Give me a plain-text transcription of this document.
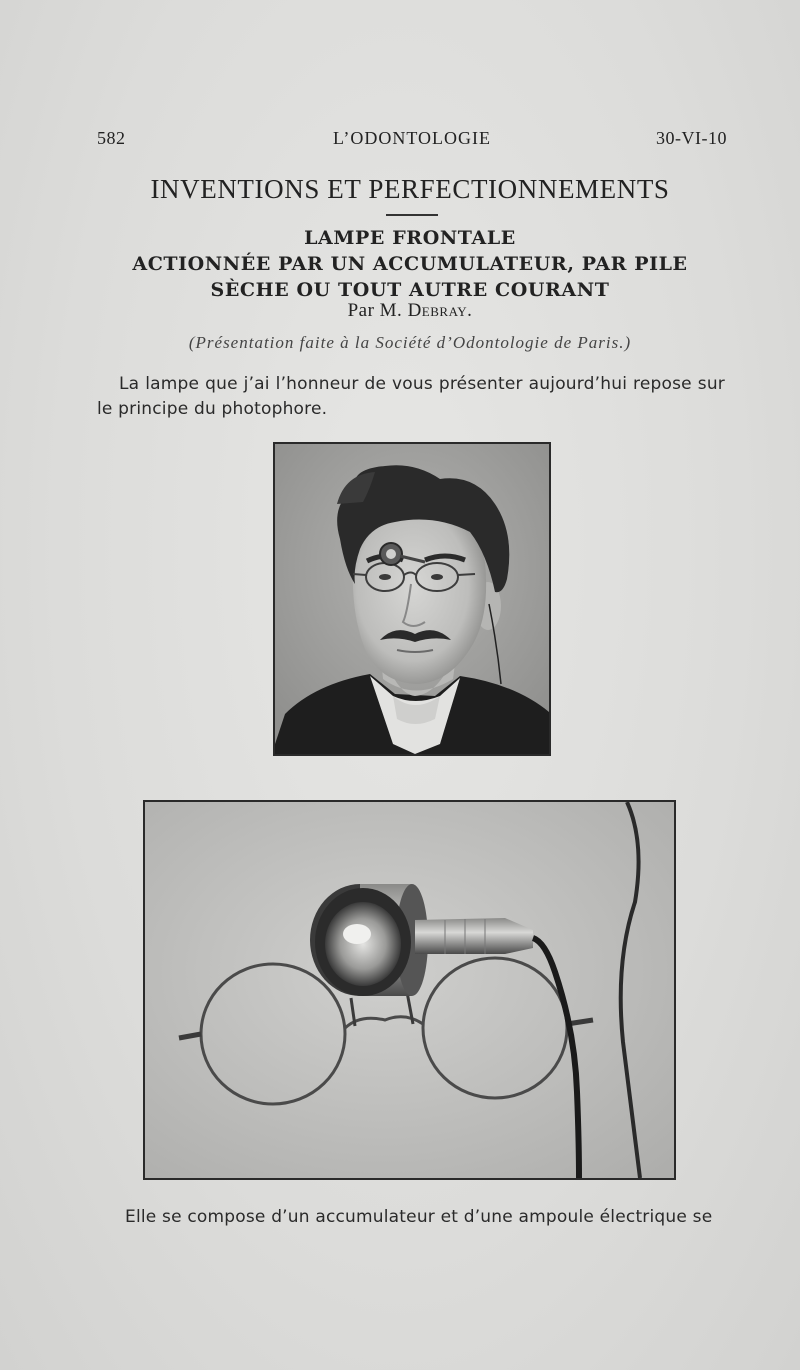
582	L’ODONTOLOGIE	30-VI-10
INVENTIONS ET PERFECTIONNEMENTS
LAMPE FRONTALE
ACTIONNÉE PAR UN ACCUMULATEUR, PAR PILE
SÈCHE OU TOUT AUTRE COURANT
Par M. Debray.
(Présentation faite à la Société d’Odontologie de Paris.)
La lampe que j’ai l’honneur de vous présenter aujourd’hui repose sur le principe du photophore.
Elle se compose d’un accumulateur et d’une ampoule électrique se
